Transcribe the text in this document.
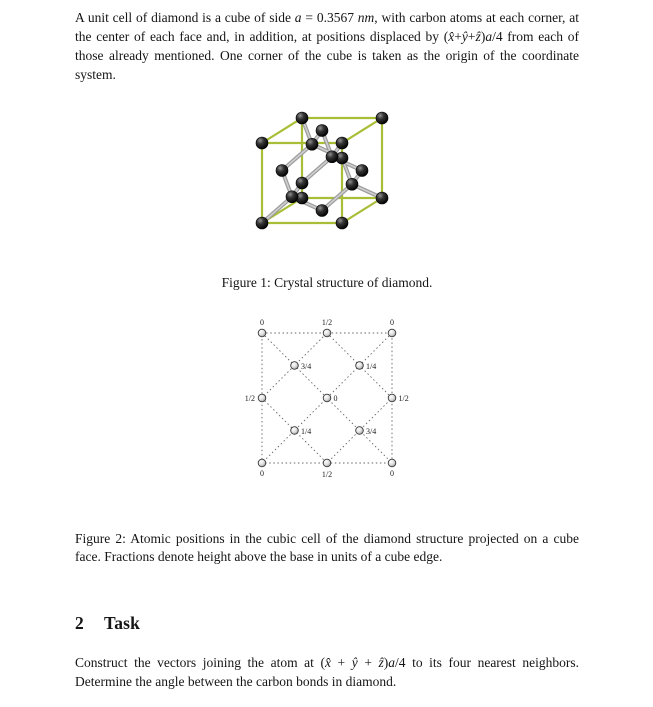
A unit cell of diamond is a cube of side a = 0.3567 nm, with carbon atoms at each corner, at the center of each face and, in addition, at positions displaced by (x̂+ŷ+ẑ)a/4 from each of those already mentioned. One corner of the cube is taken as the origin of the coordinate system.

Figure 1: Crystal structure of diamond.

0	1/2	0
3/4	1/4
1/2	0	1/2
1/4	3/4
0	1/2	0

Figure 2: Atomic positions in the cubic cell of the diamond structure projected on a cube face. Fractions denote height above the base in units of a cube edge.

2 Task

Construct the vectors joining the atom at (x̂ + ŷ + ẑ)a/4 to its four nearest neighbors. Determine the angle between the carbon bonds in diamond.
